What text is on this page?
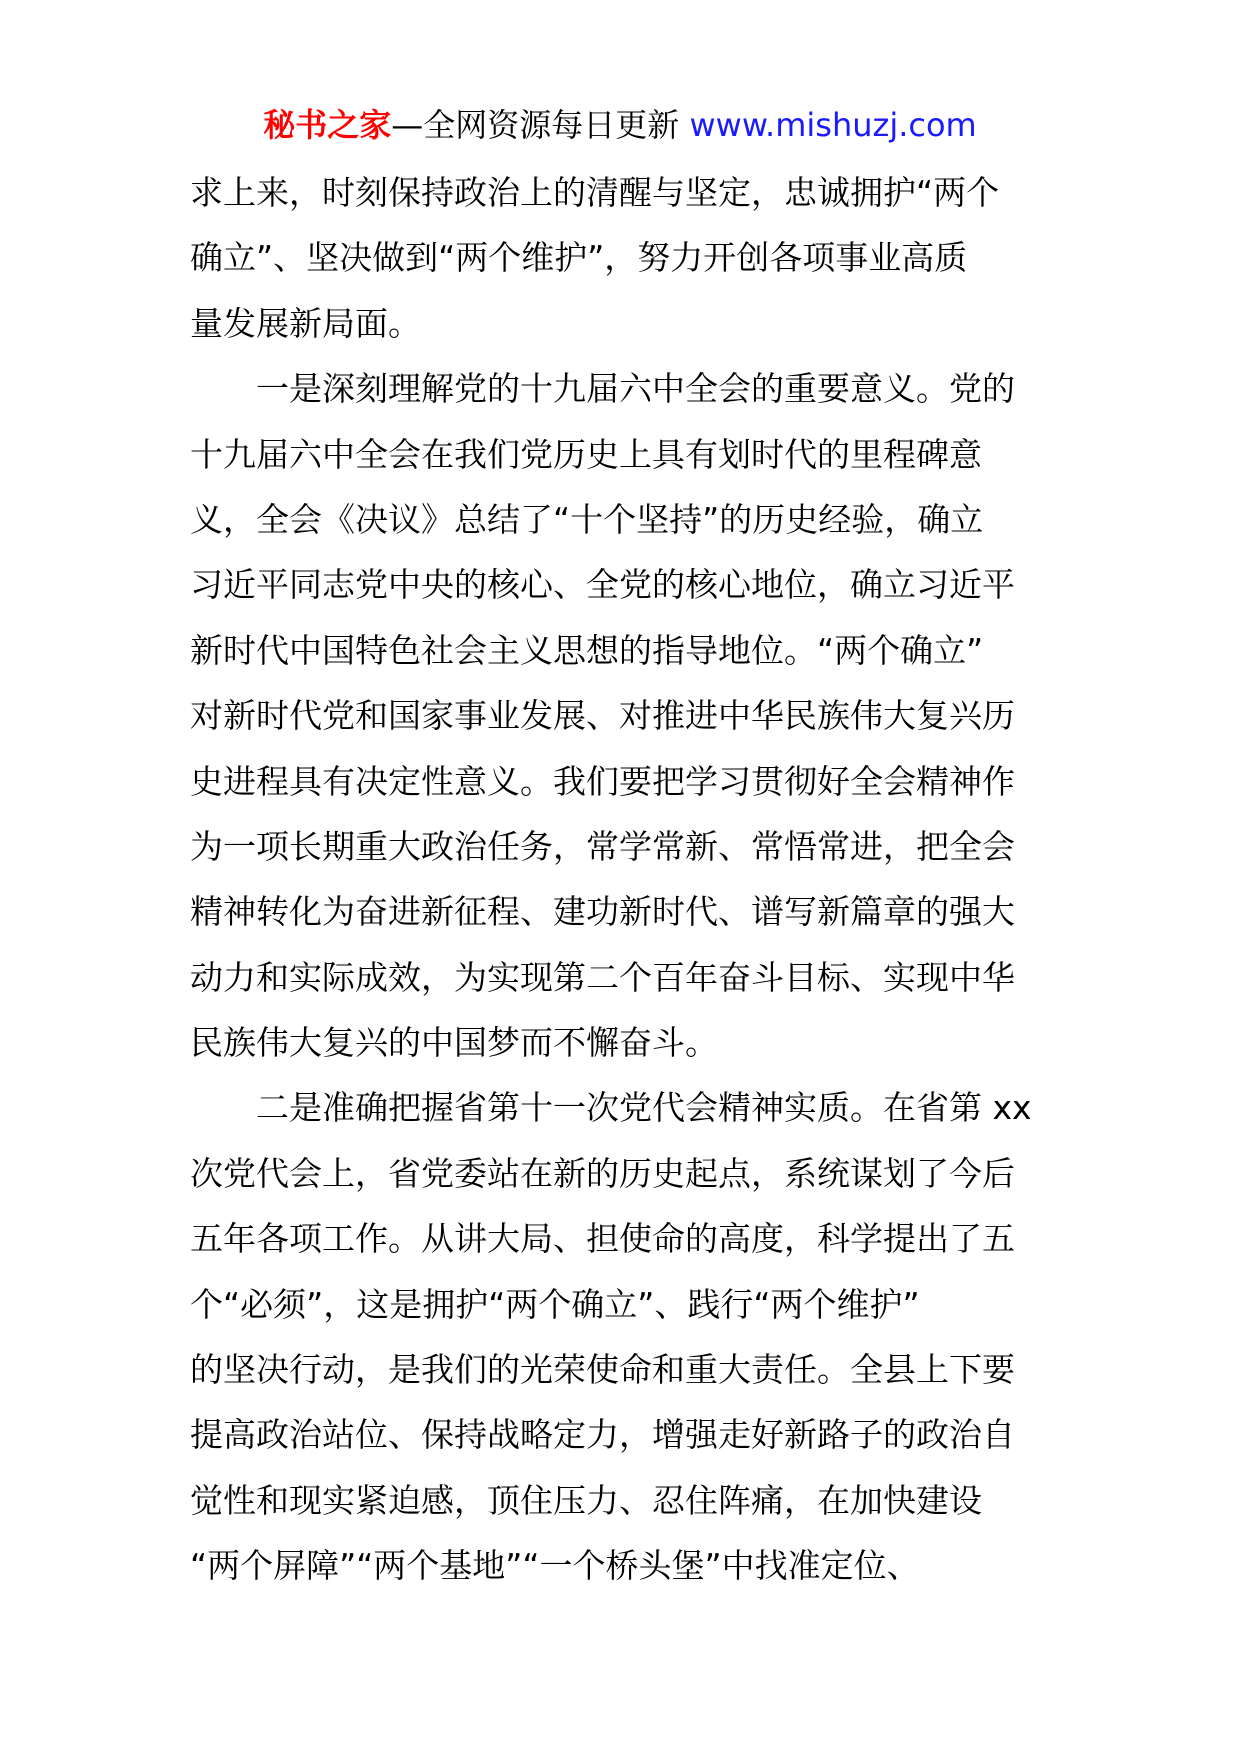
秘书之家—全网资源每日更新 www.mishuzj.com
求上来，时刻保持政治上的清醒与坚定，忠诚拥护“两个
确立”、坚决做到“两个维护”，努力开创各项事业高质
量发展新局面。
一是深刻理解党的十九届六中全会的重要意义。党的
十九届六中全会在我们党历史上具有划时代的里程碑意
义，全会《决议》总结了“十个坚持”的历史经验，确立
习近平同志党中央的核心、全党的核心地位，确立习近平
新时代中国特色社会主义思想的指导地位。“两个确立”
对新时代党和国家事业发展、对推进中华民族伟大复兴历
史进程具有决定性意义。我们要把学习贯彻好全会精神作
为一项长期重大政治任务，常学常新、常悟常进，把全会
精神转化为奋进新征程、建功新时代、谱写新篇章的强大
动力和实际成效，为实现第二个百年奋斗目标、实现中华
民族伟大复兴的中国梦而不懈奋斗。
二是准确把握省第十一次党代会精神实质。在省第 xx
次党代会上，省党委站在新的历史起点，系统谋划了今后
五年各项工作。从讲大局、担使命的高度，科学提出了五
个“必须”，这是拥护“两个确立”、践行“两个维护”
的坚决行动，是我们的光荣使命和重大责任。全县上下要
提高政治站位、保持战略定力，增强走好新路子的政治自
觉性和现实紧迫感，顶住压力、忍住阵痛，在加快建设
“两个屏障”“两个基地”“一个桥头堡”中找准定位、
